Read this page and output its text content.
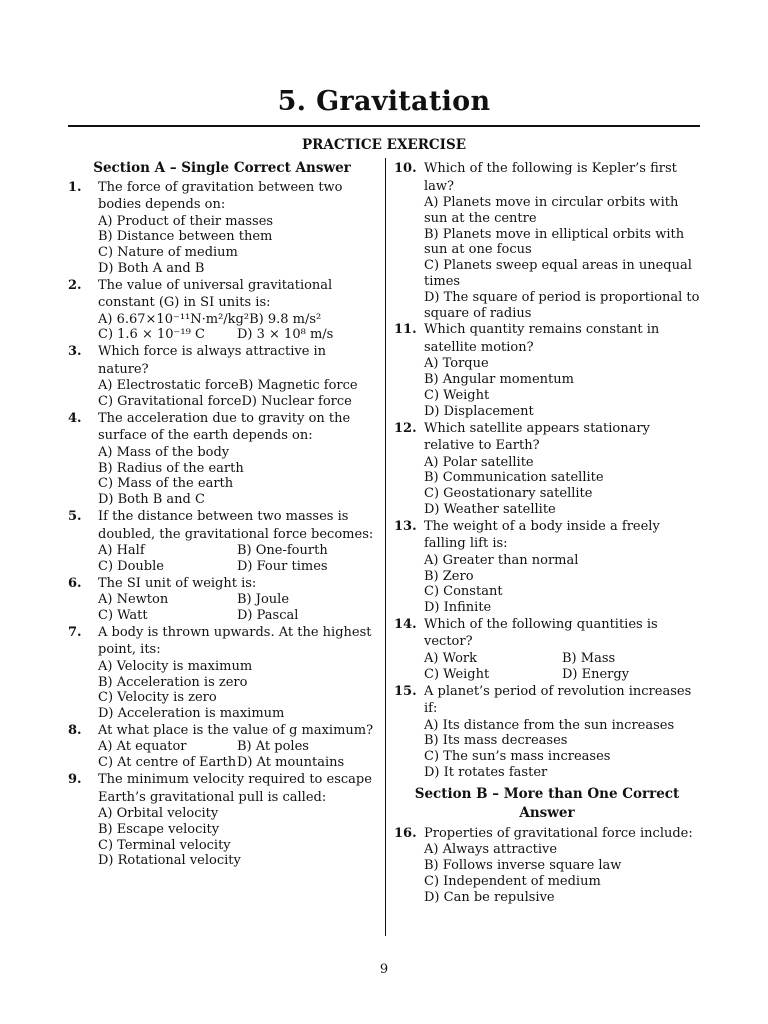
5. Gravitation
PRACTICE EXERCISE
Section A – Single Correct Answer
1.	The force of gravitation between two bodies depends on:
A) Product of their masses
B) Distance between them
C) Nature of medium
D) Both A and B
2.	The value of universal gravitational constant (G) in SI units is:
A) 6.67×10⁻¹¹N·m²/kg² B) 9.8 m/s²
C) 1.6 × 10⁻¹⁹ C	D) 3 × 10⁸ m/s
3.	Which force is always attractive in nature?
A) Electrostatic force B) Magnetic force
C) Gravitational force D) Nuclear force
4.	The acceleration due to gravity on the surface of the earth depends on:
A) Mass of the body
B) Radius of the earth
C) Mass of the earth
D) Both B and C
5.	If the distance between two masses is doubled, the gravitational force becomes:
A) Half	B) One-fourth
C) Double	D) Four times
6.	The SI unit of weight is:
A) Newton	B) Joule
C) Watt	D) Pascal
7.	A body is thrown upwards. At the highest point, its:
A) Velocity is maximum
B) Acceleration is zero
C) Velocity is zero
D) Acceleration is maximum
8.	At what place is the value of g maximum?
A) At equator	B) At poles
C) At centre of Earth D) At mountains
9.	The minimum velocity required to escape Earth’s gravitational pull is called:
A) Orbital velocity
B) Escape velocity
C) Terminal velocity
D) Rotational velocity
10. Which of the following is Kepler’s first law?
A) Planets move in circular orbits with sun at the centre
B) Planets move in elliptical orbits with sun at one focus
C) Planets sweep equal areas in unequal times
D) The square of period is proportional to square of radius
11. Which quantity remains constant in satellite motion?
A) Torque
B) Angular momentum
C) Weight
D) Displacement
12. Which satellite appears stationary relative to Earth?
A) Polar satellite
B) Communication satellite
C) Geostationary satellite
D) Weather satellite
13. The weight of a body inside a freely falling lift is:
A) Greater than normal
B) Zero
C) Constant
D) Infinite
14. Which of the following quantities is vector?
A) Work	B) Mass
C) Weight	D) Energy
15. A planet’s period of revolution increases if:
A) Its distance from the sun increases
B) Its mass decreases
C) The sun’s mass increases
D) It rotates faster
Section B – More than One Correct Answer
16. Properties of gravitational force include:
A) Always attractive
B) Follows inverse square law
C) Independent of medium
D) Can be repulsive
9
